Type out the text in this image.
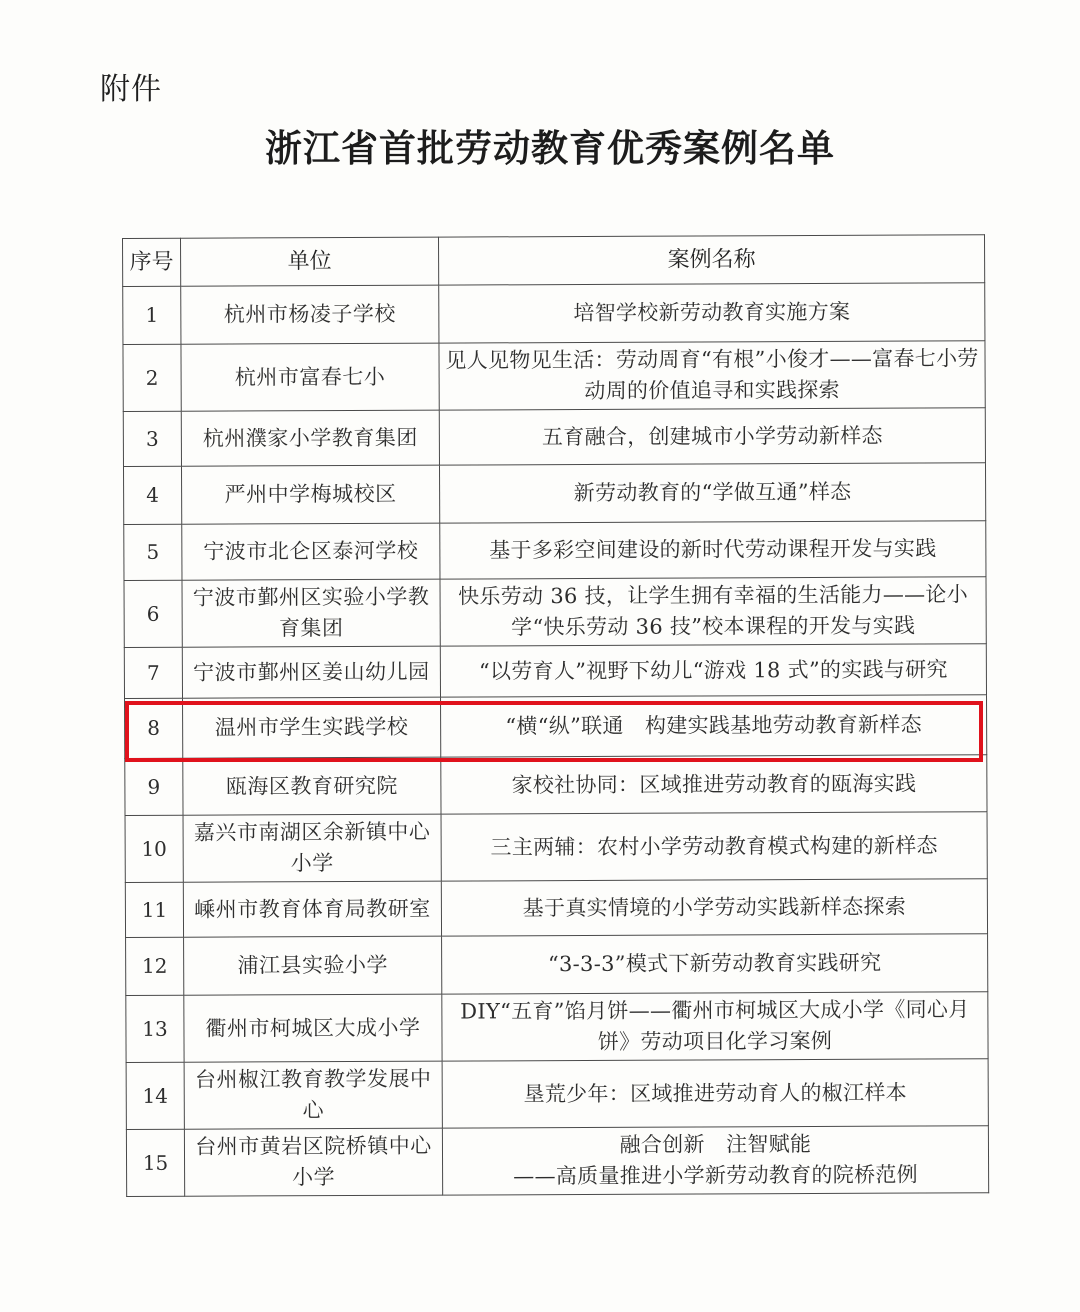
附件
浙江省首批劳动教育优秀案例名单
序号	单位	案例名称
1	杭州市杨凌子学校	培智学校新劳动教育实施方案
2	杭州市富春七小	见人见物见生活：劳动周育“有根”小俊才——富春七小劳动周的价值追寻和实践探索
3	杭州濮家小学教育集团	五育融合，创建城市小学劳动新样态
4	严州中学梅城校区	新劳动教育的“学做互通”样态
5	宁波市北仑区泰河学校	基于多彩空间建设的新时代劳动课程开发与实践
6	宁波市鄞州区实验小学教育集团	快乐劳动 36 技，让学生拥有幸福的生活能力——论小学“快乐劳动 36 技”校本课程的开发与实践
7	宁波市鄞州区姜山幼儿园	“以劳育人”视野下幼儿“游戏 18 式”的实践与研究
8	温州市学生实践学校	“横“纵”联通　构建实践基地劳动教育新样态
9	瓯海区教育研究院	家校社协同：区域推进劳动教育的瓯海实践
10	嘉兴市南湖区余新镇中心小学	三主两辅：农村小学劳动教育模式构建的新样态
11	嵊州市教育体育局教研室	基于真实情境的小学劳动实践新样态探索
12	浦江县实验小学	“3-3-3”模式下新劳动教育实践研究
13	衢州市柯城区大成小学	DIY“五育”馅月饼——衢州市柯城区大成小学《同心月饼》劳动项目化学习案例
14	台州椒江教育教学发展中心	垦荒少年：区域推进劳动育人的椒江样本
15	台州市黄岩区院桥镇中心小学	融合创新　注智赋能
——高质量推进小学新劳动教育的院桥范例
